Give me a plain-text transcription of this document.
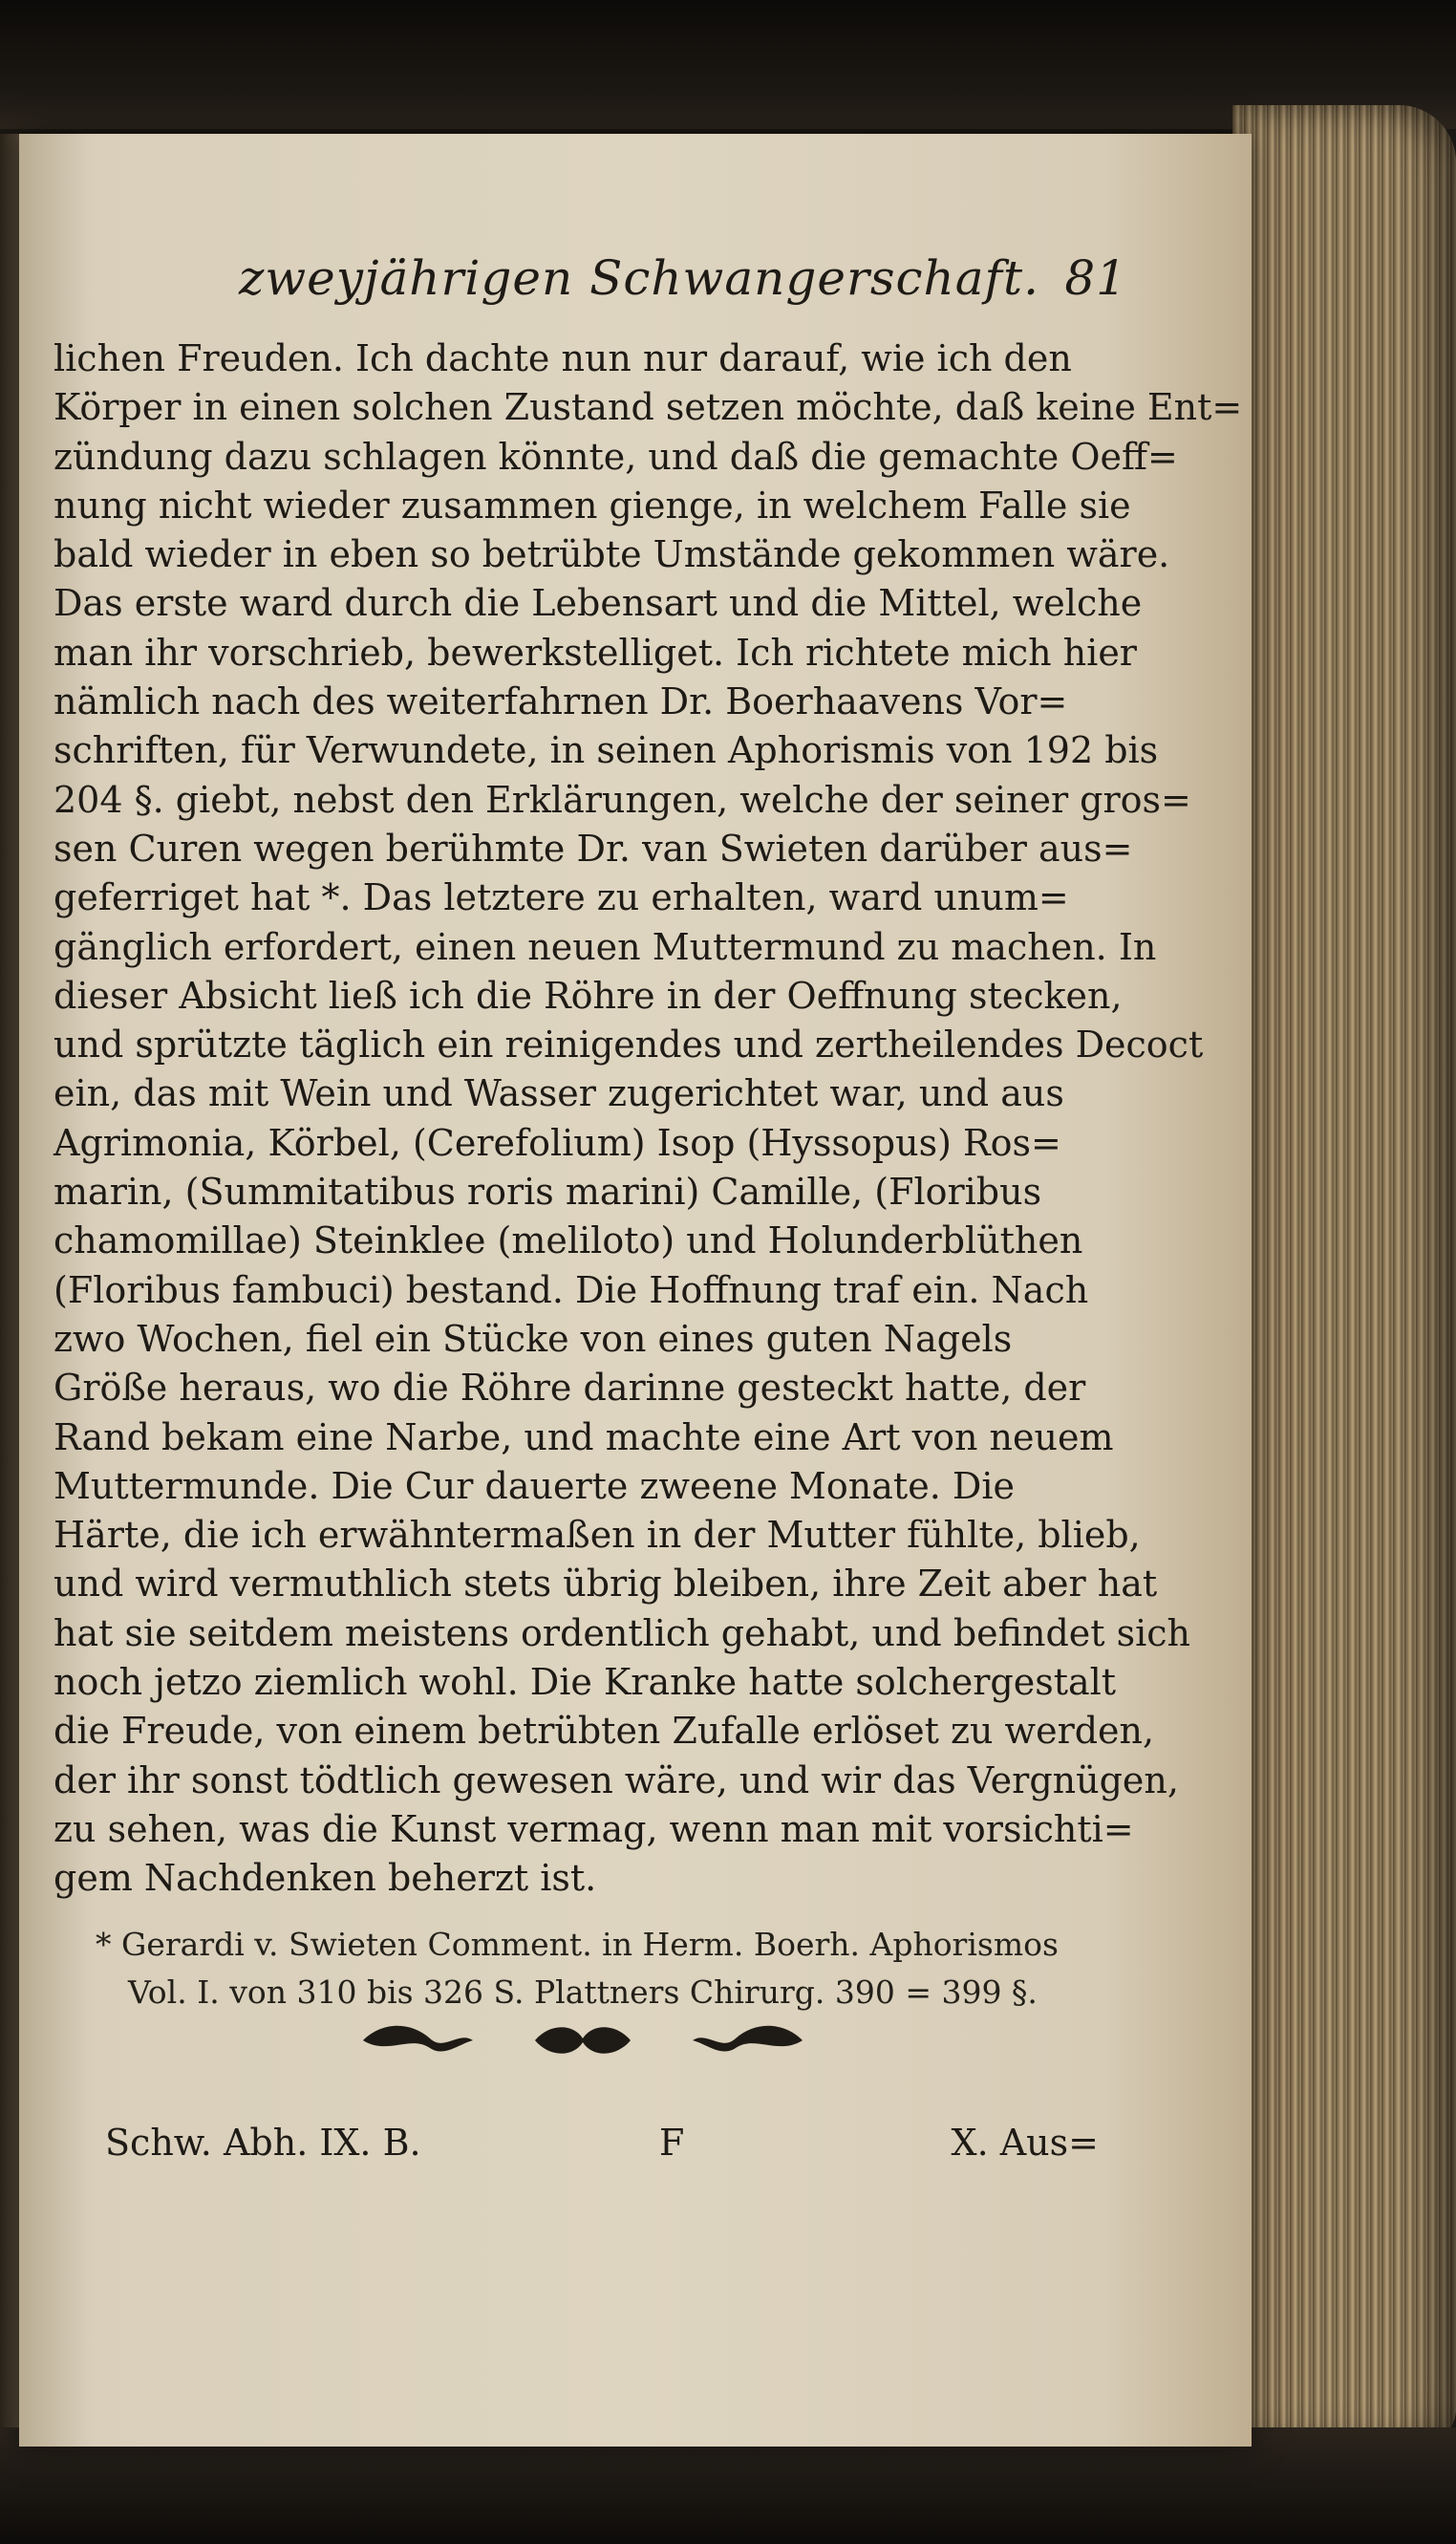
zweyjährigen Schwangerschaft. 81
lichen Freuden. Ich dachte nun nur darauf, wie ich den
Körper in einen solchen Zustand setzen möchte, daß keine Ent=
zündung dazu schlagen könnte, und daß die gemachte Oeff=
nung nicht wieder zusammen gienge, in welchem Falle sie
bald wieder in eben so betrübte Umstände gekommen wäre.
Das erste ward durch die Lebensart und die Mittel, welche
man ihr vorschrieb, bewerkstelliget. Ich richtete mich hier
nämlich nach des weiterfahrnen Dr. Boerhaavens Vor=
schriften, für Verwundete, in seinen Aphorismis von 192 bis
204 §. giebt, nebst den Erklärungen, welche der seiner gros=
sen Curen wegen berühmte Dr. van Swieten darüber aus=
geferriget hat *. Das letztere zu erhalten, ward unum=
gänglich erfordert, einen neuen Muttermund zu machen. In
dieser Absicht ließ ich die Röhre in der Oeffnung stecken,
und sprützte täglich ein reinigendes und zertheilendes Decoct
ein, das mit Wein und Wasser zugerichtet war, und aus
Agrimonia, Körbel, (Cerefolium) Isop (Hyssopus) Ros=
marin, (Summitatibus roris marini) Camille, (Floribus
chamomillae) Steinklee (meliloto) und Holunderblüthen
(Floribus fambuci) bestand. Die Hoffnung traf ein. Nach
zwo Wochen, fiel ein Stücke von eines guten Nagels
Größe heraus, wo die Röhre darinne gesteckt hatte, der
Rand bekam eine Narbe, und machte eine Art von neuem
Muttermunde. Die Cur dauerte zweene Monate. Die
Härte, die ich erwähntermaßen in der Mutter fühlte, blieb,
und wird vermuthlich stets übrig bleiben, ihre Zeit aber hat
hat sie seitdem meistens ordentlich gehabt, und befindet sich
noch jetzo ziemlich wohl. Die Kranke hatte solchergestalt
die Freude, von einem betrübten Zufalle erlöset zu werden,
der ihr sonst tödtlich gewesen wäre, und wir das Vergnügen,
zu sehen, was die Kunst vermag, wenn man mit vorsichti=
gem Nachdenken beherzt ist.
* Gerardi v. Swieten Comment. in Herm. Boerh. Aphorismos
Vol. I. von 310 bis 326 S. Plattners Chirurg. 390 = 399 §.
Schw. Abh. IX. B.	F	X. Aus=
